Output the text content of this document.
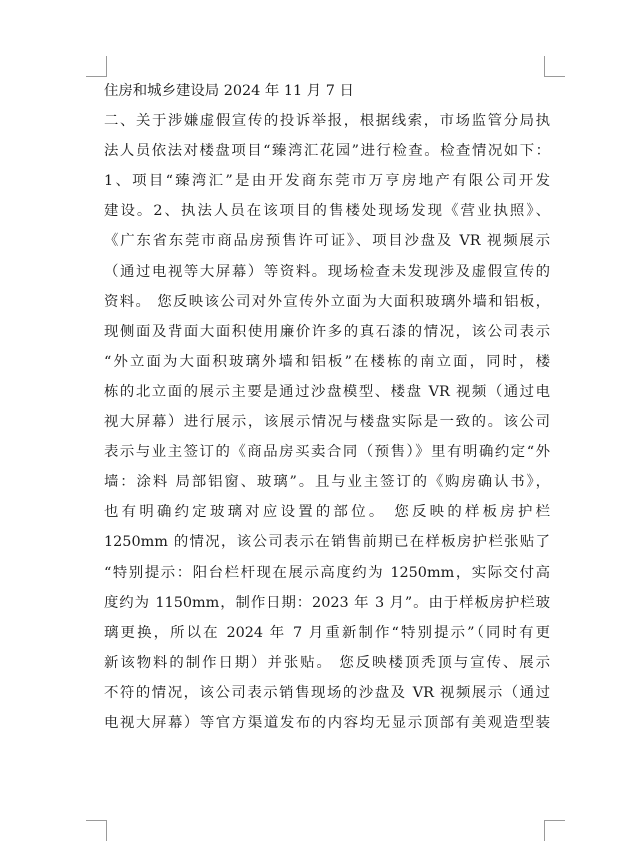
住房和城乡建设局 2024 年 11 月 7 日
二、关于涉嫌虚假宣传的投诉举报，根据线索，市场监管分局执
法人员依法对楼盘项目“臻湾汇花园”进行检查。检查情况如下：
1、项目“臻湾汇”是由开发商东莞市万亨房地产有限公司开发
建设。2、执法人员在该项目的售楼处现场发现《营业执照》、
《广东省东莞市商品房预售许可证》、项目沙盘及 VR 视频展示
（通过电视等大屏幕）等资料。现场检查未发现涉及虚假宣传的
资料。 您反映该公司对外宣传外立面为大面积玻璃外墙和铝板，
现侧面及背面大面积使用廉价许多的真石漆的情况，该公司表示
“外立面为大面积玻璃外墙和铝板”在楼栋的南立面，同时，楼
栋的北立面的展示主要是通过沙盘模型、楼盘 VR 视频（通过电
视大屏幕）进行展示，该展示情况与楼盘实际是一致的。该公司
表示与业主签订的《商品房买卖合同（预售）》里有明确约定“外
墙：涂料 局部铝窗、玻璃”。且与业主签订的《购房确认书》，
也有明确约定玻璃对应设置的部位。 您反映的样板房护栏
1250mm 的情况，该公司表示在销售前期已在样板房护栏张贴了
“特别提示：阳台栏杆现在展示高度约为 1250mm，实际交付高
度约为 1150mm，制作日期：2023 年 3 月”。由于样板房护栏玻
璃更换，所以在 2024 年 7 月重新制作“特别提示”（同时有更
新该物料的制作日期）并张贴。 您反映楼顶秃顶与宣传、展示
不符的情况，该公司表示销售现场的沙盘及 VR 视频展示（通过
电视大屏幕）等官方渠道发布的内容均无显示顶部有美观造型装
